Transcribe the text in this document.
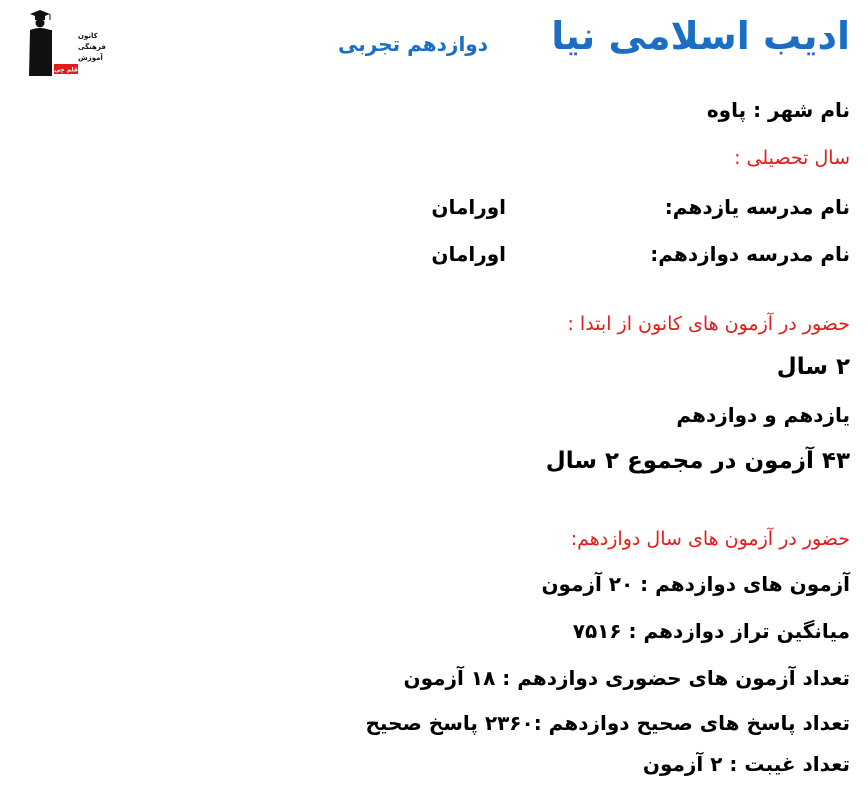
ادیب اسلامی نیا
دوازدهم تجربی
کانون
فرهنگی
آموزش
قلم چی
نام شهر : پاوه
سال تحصیلی :
نام مدرسه یازدهم:
اورامان
نام مدرسه دوازدهم:
اورامان
حضور در آزمون های کانون از ابتدا :
۲ سال
یازدهم و دوازدهم
۴۳ آزمون در مجموع ۲ سال
حضور در آزمون های سال دوازدهم:
آزمون های دوازدهم : ۲۰ آزمون
میانگین تراز دوازدهم : ۷۵۱۶
تعداد آزمون های حضوری دوازدهم : ۱۸ آزمون
تعداد پاسخ های صحیح دوازدهم :۲۳۶۰ پاسخ صحیح
تعداد غیبت : ۲ آزمون
